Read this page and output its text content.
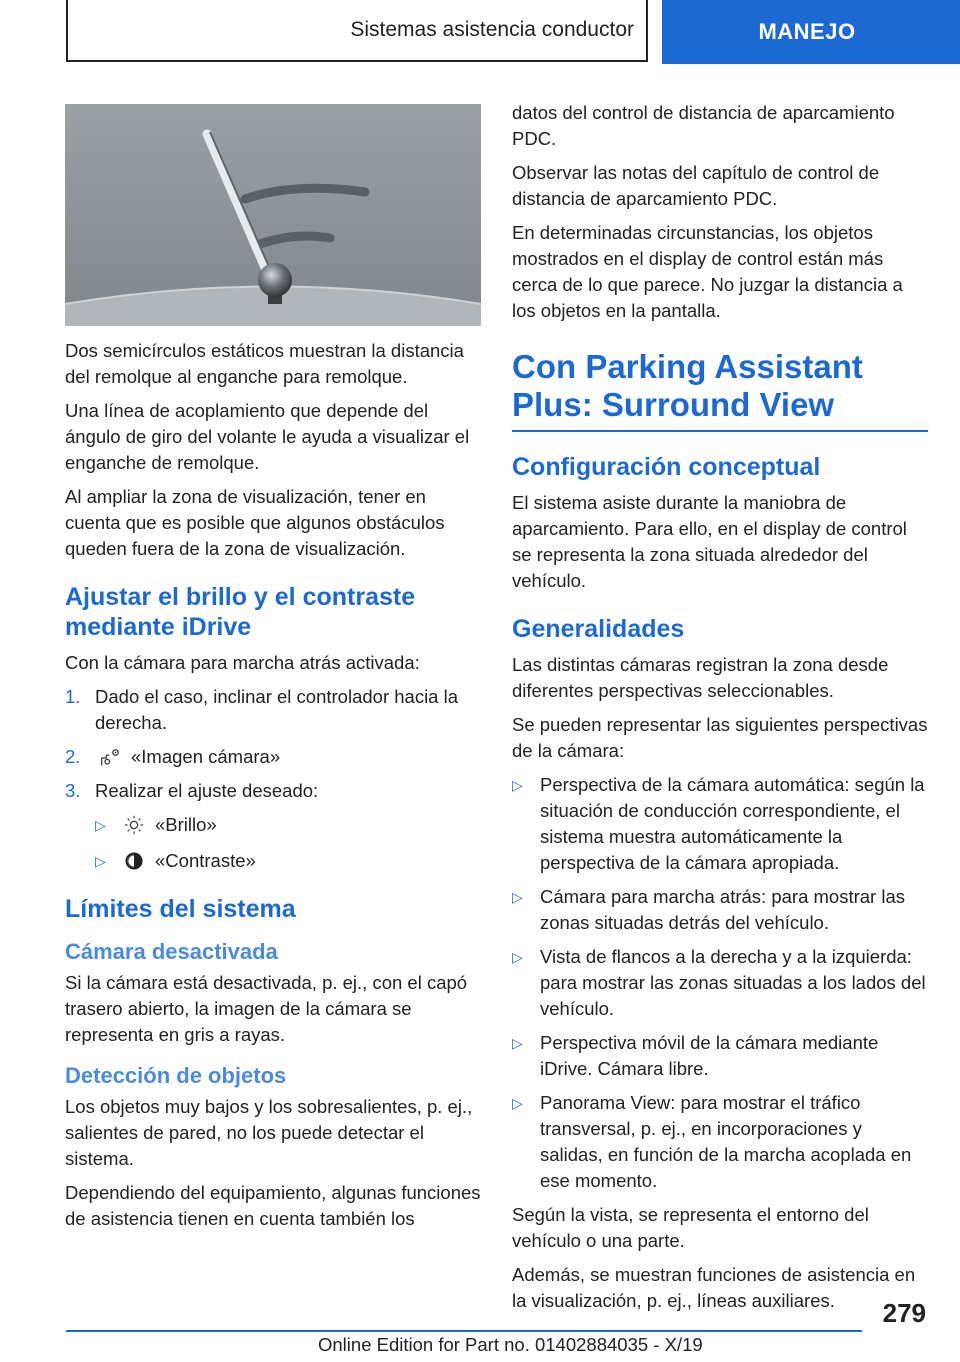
Sistemas asistencia conductor	MANEJO

Dos semicírculos estáticos muestran la distancia del remolque al enganche para remolque.

Una línea de acoplamiento que depende del ángulo de giro del volante le ayuda a visualizar el enganche de remolque.

Al ampliar la zona de visualización, tener en cuenta que es posible que algunos obstáculos queden fuera de la zona de visualización.

Ajustar el brillo y el contraste mediante iDrive

Con la cámara para marcha atrás activada:

1. Dado el caso, inclinar el controlador hacia la derecha.
2.	«Imagen cámara»
3. Realizar el ajuste deseado:
▷	«Brillo»
▷	«Contraste»
Límites del sistema
Cámara desactivada

Si la cámara está desactivada, p. ej., con el capó trasero abierto, la imagen de la cámara se representa en gris a rayas.

Detección de objetos

Los objetos muy bajos y los sobresalientes, p. ej., salientes de pared, no los puede detectar el sistema.

Dependiendo del equipamiento, algunas funciones de asistencia tienen en cuenta también los

datos del control de distancia de aparcamiento PDC.

Observar las notas del capítulo de control de distancia de aparcamiento PDC.

En determinadas circunstancias, los objetos mostrados en el display de control están más cerca de lo que parece. No juzgar la distancia a los objetos en la pantalla.

Con Parking Assistant Plus: Surround View
Configuración conceptual

El sistema asiste durante la maniobra de aparcamiento. Para ello, en el display de control se representa la zona situada alrededor del vehículo.

Generalidades

Las distintas cámaras registran la zona desde diferentes perspectivas seleccionables.

Se pueden representar las siguientes perspectivas de la cámara:

▷ Perspectiva de la cámara automática: según la situación de conducción correspondiente, el sistema muestra automáticamente la perspectiva de la cámara apropiada.
▷ Cámara para marcha atrás: para mostrar las zonas situadas detrás del vehículo.
▷ Vista de flancos a la derecha y a la izquierda: para mostrar las zonas situadas a los lados del vehículo.
▷ Perspectiva móvil de la cámara mediante iDrive. Cámara libre.
▷ Panorama View: para mostrar el tráfico transversal, p. ej., en incorporaciones y salidas, en función de la marcha acoplada en ese momento.

Según la vista, se representa el entorno del vehículo o una parte.

Además, se muestran funciones de asistencia en la visualización, p. ej., líneas auxiliares.	279
Online Edition for Part no. 01402884035 - X/19
